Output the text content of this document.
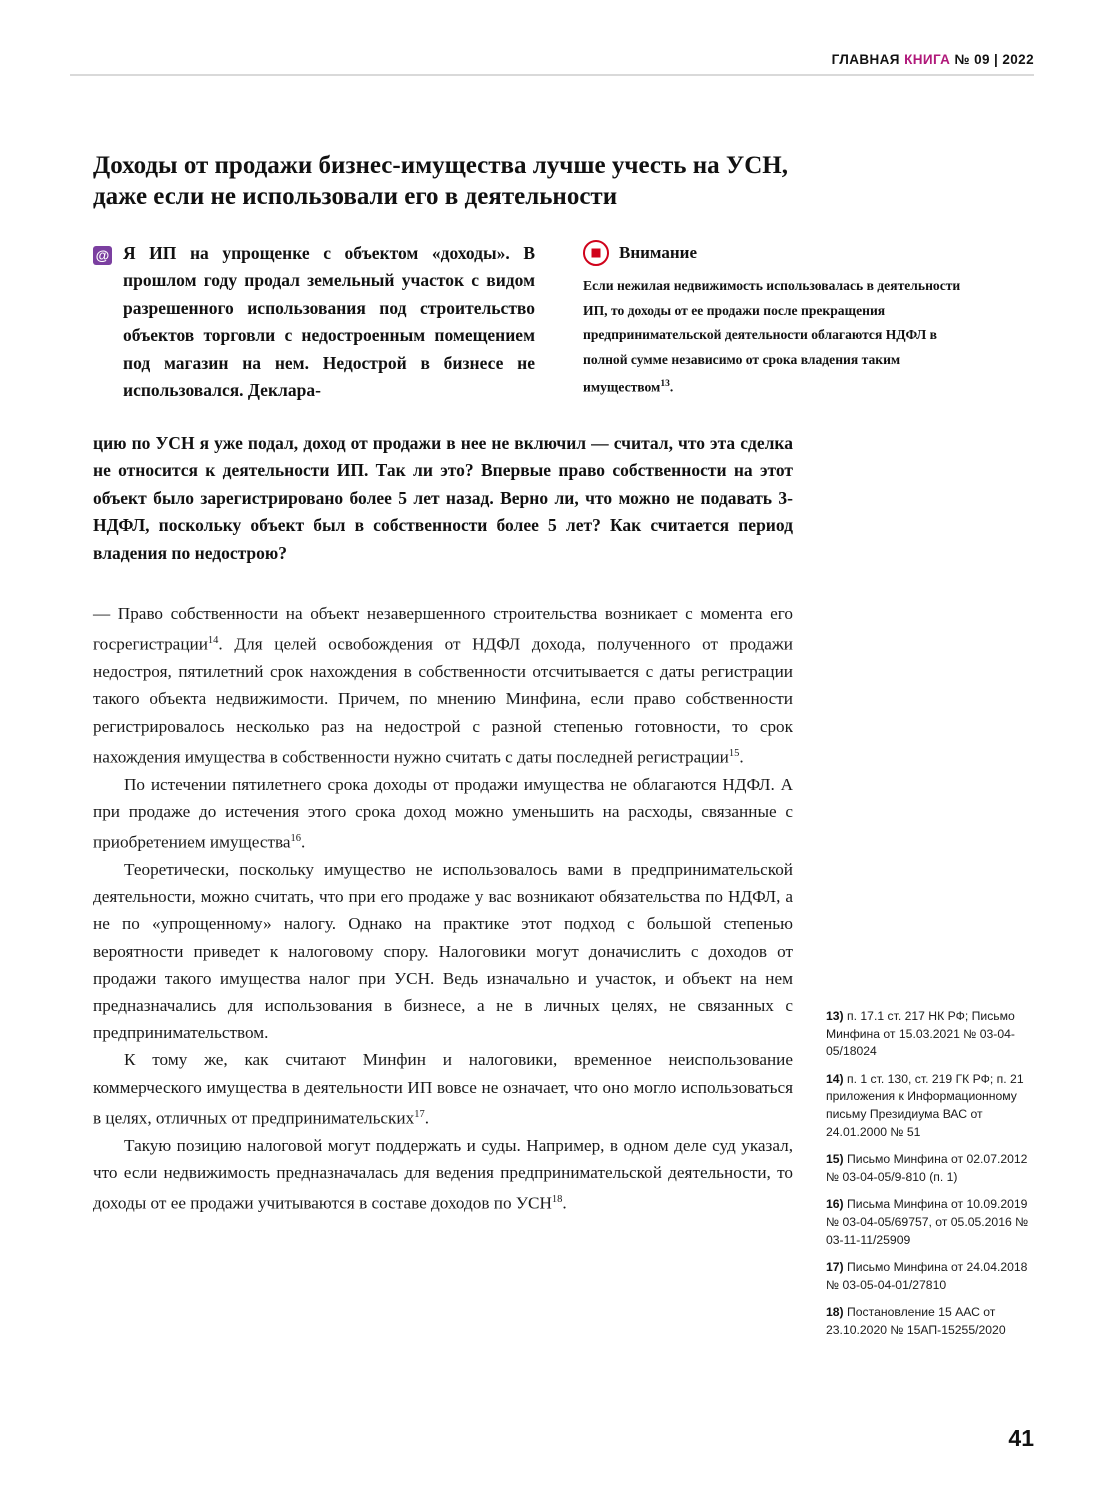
ГЛАВНАЯ КНИГА № 09 | 2022
Доходы от продажи бизнес-имущества лучше учесть на УСН, даже если не использовали его в деятельности
@ Я ИП на упрощенке с объектом «доходы». В прошлом году продал земельный участок с видом разрешенного использования под строительство объектов торговли с недостроенным помещением под магазин на нем. Недострой в бизнесе не использовался. Деклара-
цию по УСН я уже подал, доход от продажи в нее не включил — считал, что эта сделка не относится к деятельности ИП. Так ли это? Впервые право собственности на этот объект было зарегистрировано более 5 лет назад. Верно ли, что можно не подавать 3-НДФЛ, поскольку объект был в собственности более 5 лет? Как считается период владения по недострою?
Внимание
Если нежилая недвижимость использовалась в деятельности ИП, то доходы от ее продажи после прекращения предпринимательской деятельности облагаются НДФЛ в полной сумме независимо от срока владения таким имуществом$^{13}$.

— Право собственности на объект незавершенного строительства возникает с момента его госрегистрации$^{14}$. Для целей освобождения от НДФЛ дохода, полученного от продажи недостроя, пятилетний срок нахождения в собственности отсчитывается с даты регистрации такого объекта недвижимости. Причем, по мнению Минфина, если право собственности регистрировалось несколько раз на недострой с разной степенью готовности, то срок нахождения имущества в собственности нужно считать с даты последней регистрации$^{15}$.

По истечении пятилетнего срока доходы от продажи имущества не облагаются НДФЛ. А при продаже до истечения этого срока доход можно уменьшить на расходы, связанные с приобретением имущества$^{16}$.

Теоретически, поскольку имущество не использовалось вами в предпринимательской деятельности, можно считать, что при его продаже у вас возникают обязательства по НДФЛ, а не по «упрощенному» налогу. Однако на практике этот подход с большой степенью вероятности приведет к налоговому спору. Налоговики могут доначислить с доходов от продажи такого имущества налог при УСН. Ведь изначально и участок, и объект на нем предназначались для использования в бизнесе, а не в личных целях, не связанных с предпринимательством.

К тому же, как считают Минфин и налоговики, временное неиспользование коммерческого имущества в деятельности ИП вовсе не означает, что оно могло использоваться в целях, отличных от предпринимательских$^{17}$.

Такую позицию налоговой могут поддержать и суды. Например, в одном деле суд указал, что если недвижимость предназначалась для ведения предпринимательской деятельности, то доходы от ее продажи учитываются в составе доходов по УСН$^{18}$.

13) п. 17.1 ст. 217 НК РФ; Письмо Минфина от 15.03.2021 № 03-04-05/18024
14) п. 1 ст. 130, ст. 219 ГК РФ; п. 21 приложения к Информационному письму Президиума ВАС от 24.01.2000 № 51
15) Письмо Минфина от 02.07.2012 № 03-04-05/9-810 (п. 1)
16) Письма Минфина от 10.09.2019 № 03-04-05/69757, от 05.05.2016 № 03-11-11/25909
17) Письмо Минфина от 24.04.2018 № 03-05-04-01/27810
18) Постановление 15 ААС от 23.10.2020 № 15АП-15255/2020
41
